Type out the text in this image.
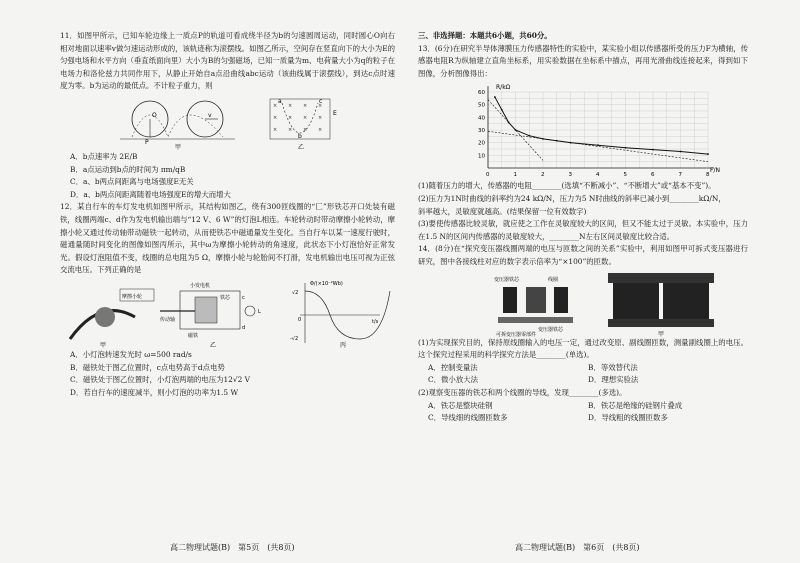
11．如图甲所示，已知车轮边缘上一质点P的轨道可看成绕半径为b的匀速圆周运动，同时圆心O向右相对地面以速率v做匀速运动形成的，该轨迹称为滚摆线。如图乙所示，空间存在竖直向下的大小为E的匀强电场和水平方向（垂直纸面向里）大小为B的匀强磁场，已知一质量为m、电荷量大小为q的粒子在电场力和洛伦兹力共同作用下，从静止开始自a点沿曲线abc运动（该曲线属于滚摆线），到达c点时速度为零。b为运动的最低点。不计粒子重力，则

O
P
v
甲
× × × ×
× × × ×
× × × ×
a
b
c
E
乙

A．b点速率为 2E/B

B．a点运动到b点的时间为 πm/qB

C．a、b两点间距离与电场强度E无关

D．a、b两点间距离随着电场强度E的增大而增大

12．某自行车的车灯发电机如图甲所示，其结构如图乙，绕有300匝线圈的“匚”形铁芯开口处装有磁铁，线圈两端c、d作为发电机输出端与“12 V、6 W”的灯泡L相连。车轮转动时带动摩擦小轮转动，摩擦小轮又通过传动轴带动磁铁一起转动，从而使铁芯中磁通量发生变化。当自行车以某一速度行驶时，磁通量随时间变化的图像如图丙所示，其中ω为摩擦小轮转动的角速度，此状态下小灯泡恰好正常发光。假设灯泡阻值不变，线圈的总电阻为5 Ω，摩擦小轮与轮胎间不打滑，发电机输出电压可视为正弦交流电压。下列正确的是

摩擦小轮
甲
小发电机
铁芯
传动轴
磁铁
L
c
d
乙
Φ/(×10⁻²Wb)
t/s
√2
-√2
0
丙

A．小灯泡转速发光时 ω=500 rad/s

B．磁铁处于图乙位置时，c点电势高于d点电势

C．磁铁处于图乙位置时，小灯泡两端的电压为12√2 V

D．若自行车的速度减半，则小灯泡的功率为1.5 W

三、非选择题：本题共6小题，共60分。

13．(6分)在研究半导体薄膜压力传感器特性的实验中，某实验小组以传感器所受的压力F为横轴，传感器电阻R为纵轴建立直角坐标系，用实验数据在坐标系中描点，再用光滑曲线连接起来，得到如下图像，分析图像得出：

0	1	2	3	4	5	6	7	8
10
20
30
40
50
60
R/kΩ
F/N

(1)随着压力的增大，传感器的电阻________(选填“不断减小”、“不断增大”或“基本不变”)。

(2)压力为1N时曲线的斜率约为24 kΩ/N，压力为5 N时曲线的斜率已减小到________kΩ/N，

斜率越大，灵敏度就越高。(结果保留一位有效数字)

(3)要使传感器比较灵敏，就应使之工作在灵敏度较大的区间，但又不能太过于灵敏。本实验中，压力在1.5 N的区间内传感器的灵敏度较大，________N左右区间灵敏度比较合适。

14．(8分)在“探究变压器线圈两端的电压与匝数之间的关系”实验中，利用如图甲可拆式变压器进行研究，图中各接线柱对应的数字表示倍率为“×100”的匝数。

变压器铁芯	线圈
变压器铁芯
可拆变压器零部件	甲

(1)为实现探究目的，保持原线圈输入的电压一定，通过改变原、副线圈匝数，测量副线圈上的电压。这个探究过程采用的科学探究方法是________(单选)。

A．控制变量法	B．等效替代法
C．微小放大法	D．理想实验法

(2)观察变压器的铁芯和两个线圈的导线，发现________(多选)。

A．铁芯是整块硅钢	B．铁芯是绝缘的硅钢片叠成
C．导线细的线圈匝数多	D．导线粗的线圈匝数多
高二物理试题(B)　第5页　(共8页)	高二物理试题(B)　第6页　(共8页)
